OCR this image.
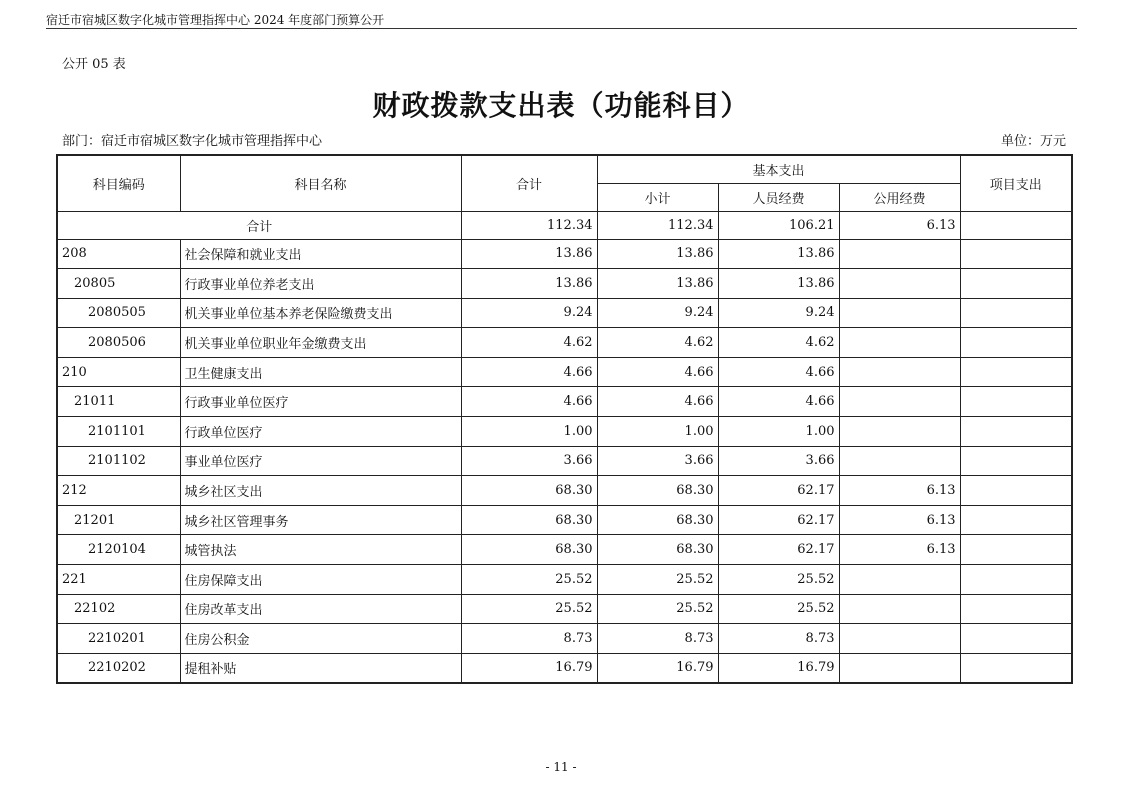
宿迁市宿城区数字化城市管理指挥中心 2024 年度部门预算公开
公开 05 表
财政拨款支出表（功能科目）
部门：宿迁市宿城区数字化城市管理指挥中心	单位：万元
科目编码	科目名称	合计	基本支出			项目支出
			小计	人员经费	公用经费	
合计		112.34	112.34	106.21	6.13	
208	社会保障和就业支出	13.86	13.86	13.86		
20805	行政事业单位养老支出	13.86	13.86	13.86		
2080505	机关事业单位基本养老保险缴费支出	9.24	9.24	9.24		
2080506	机关事业单位职业年金缴费支出	4.62	4.62	4.62		
210	卫生健康支出	4.66	4.66	4.66		
21011	行政事业单位医疗	4.66	4.66	4.66		
2101101	行政单位医疗	1.00	1.00	1.00		
2101102	事业单位医疗	3.66	3.66	3.66		
212	城乡社区支出	68.30	68.30	62.17	6.13	
21201	城乡社区管理事务	68.30	68.30	62.17	6.13	
2120104	城管执法	68.30	68.30	62.17	6.13	
221	住房保障支出	25.52	25.52	25.52		
22102	住房改革支出	25.52	25.52	25.52		
2210201	住房公积金	8.73	8.73	8.73		
2210202	提租补贴	16.79	16.79	16.79		
- 11 -
